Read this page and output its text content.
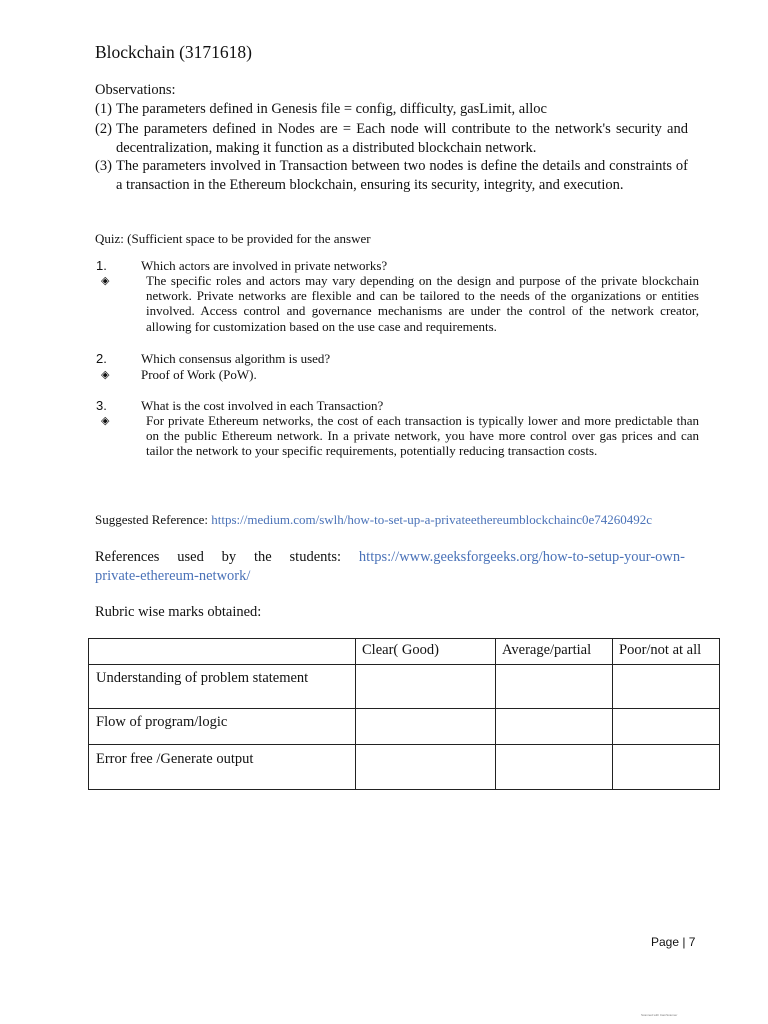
Blockchain (3171618)
Observations:
(1) The parameters defined in Genesis file = config, difficulty, gasLimit, alloc
(2) The parameters defined in Nodes are = Each node will contribute to the network's security and decentralization, making it function as a distributed blockchain network.
(3) The parameters involved in Transaction between two nodes is define the details and constraints of a transaction in the Ethereum blockchain, ensuring its security, integrity, and execution.
Quiz: (Sufficient space to be provided for the answer
1.	Which actors are involved in private networks?
◈	The specific roles and actors may vary depending on the design and purpose of the private blockchain network. Private networks are flexible and can be tailored to the needs of the organizations or entities involved. Access control and governance mechanisms are under the control of the network creator, allowing for customization based on the use case and requirements.
2.	Which consensus algorithm is used?
◈ Proof of Work (PoW).
3.	What is the cost involved in each Transaction?
◈	For private Ethereum networks, the cost of each transaction is typically lower and more predictable than on the public Ethereum network. In a private network, you have more control over gas prices and can tailor the network to your specific requirements, potentially reducing transaction costs.
Suggested Reference: https://medium.com/swlh/how-to-set-up-a-privateethereumblockchainc0e74260492c
References used by the students: https://www.geeksforgeeks.org/how-to-setup-your-own-
private-ethereum-network/
Rubric wise marks obtained:
	Clear( Good)	Average/partial	Poor/not at all
Understanding of problem statement			
Flow of program/logic			
Error free /Generate output			
Page | 7
Scanned with CamScanner
